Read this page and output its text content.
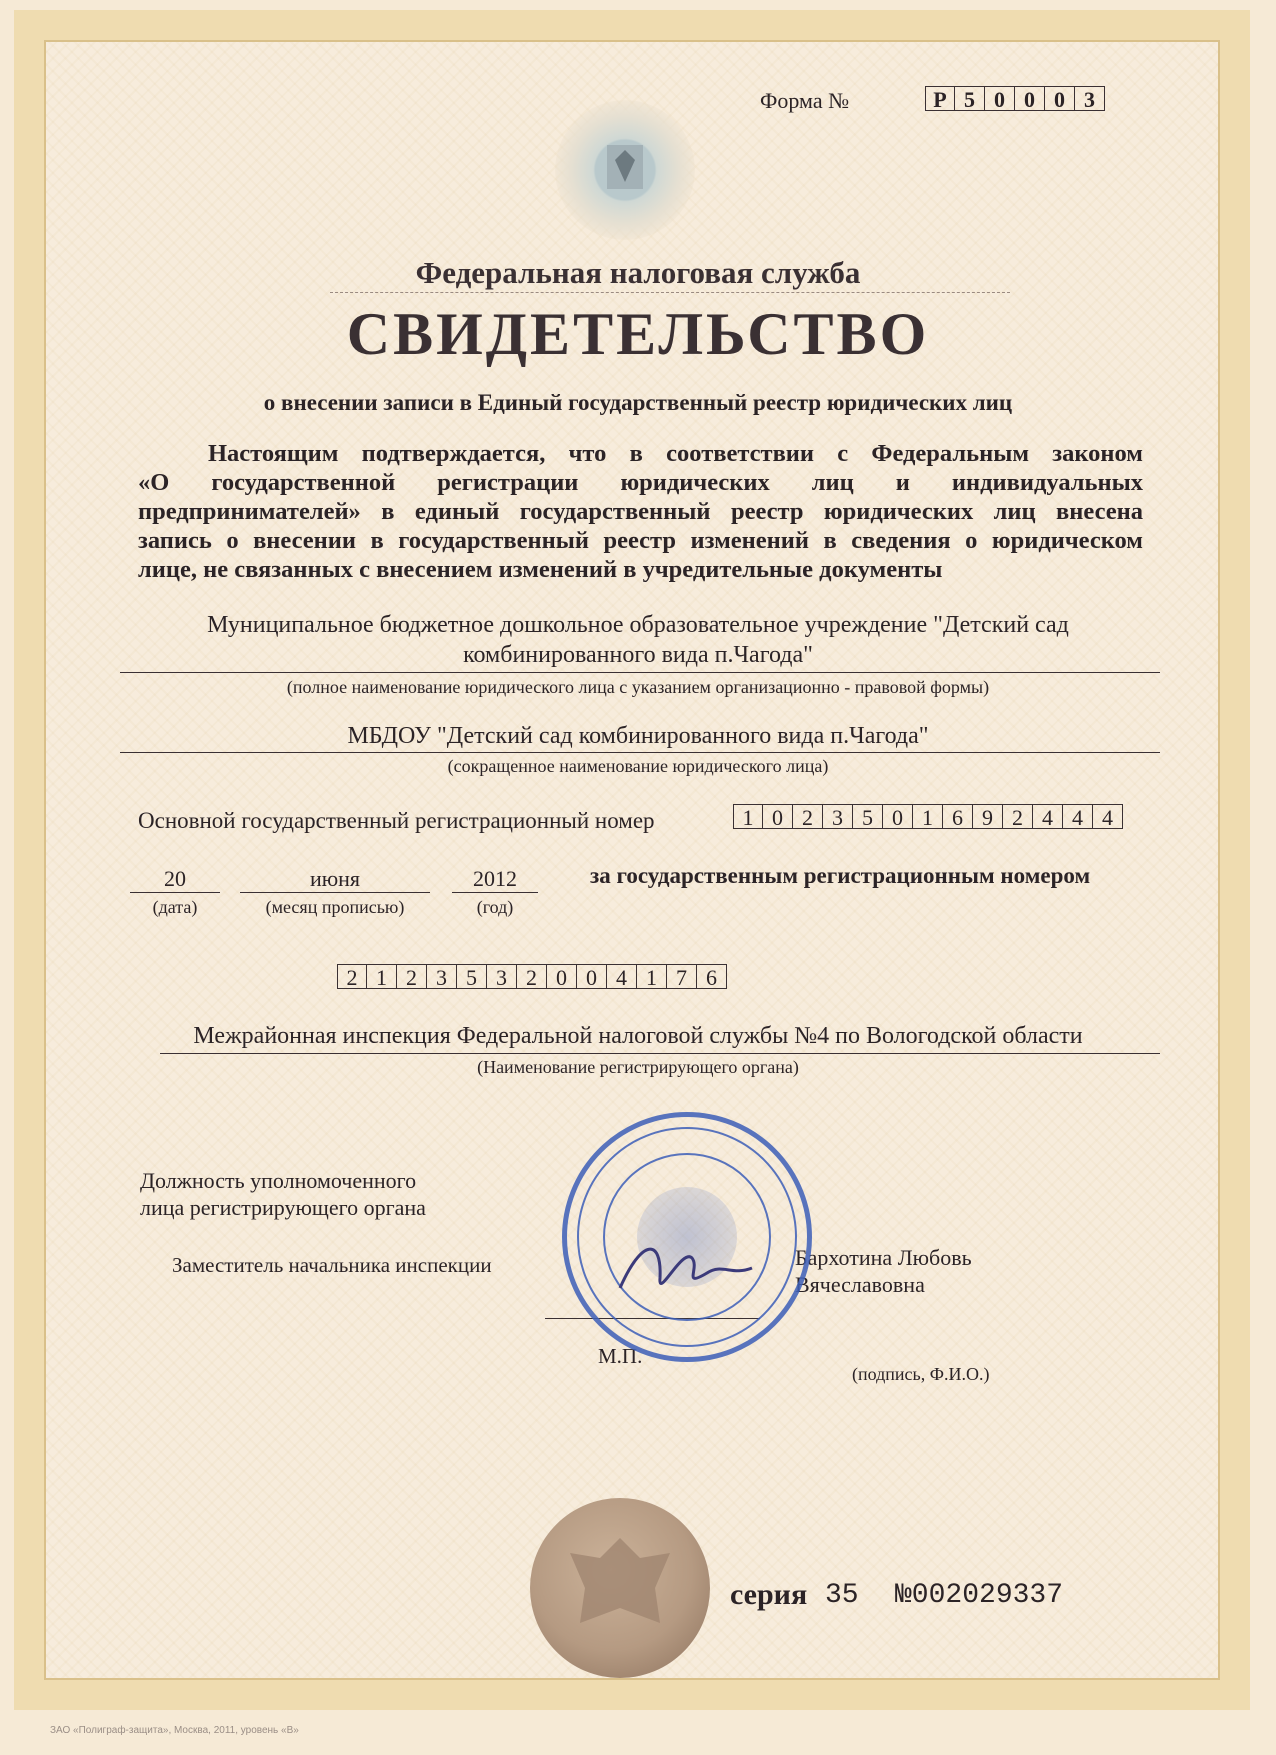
Форма №	Р 5 0 0 0 3
Федеральная налоговая служба
СВИДЕТЕЛЬСТВО
о внесении записи в Единый государственный реестр юридических лиц
Настоящим подтверждается, что в соответствии с Федеральным законом
«О государственной регистрации юридических лиц и индивидуальных
предпринимателей» в единый государственный реестр юридических лиц внесена
запись о внесении в государственный реестр изменений в сведения о юридическом
лице, не связанных с внесением изменений в учредительные документы
Муниципальное бюджетное дошкольное образовательное учреждение "Детский сад
комбинированного вида п.Чагода"
(полное наименование юридического лица с указанием организационно - правовой формы)
МБДОУ "Детский сад комбинированного вида п.Чагода"
(сокращенное наименование юридического лица)
Основной государственный регистрационный номер	1 0 2 3 5 0 1 6 9 2 4 4 4
20
(дата)
июня
(месяц прописью)
2012
(год)
за государственным регистрационным номером
2 1 2 3 5 3 2 0 0 4 1 7 6
Межрайонная инспекция Федеральной налоговой службы №4 по Вологодской области
(Наименование регистрирующего органа)
Должность уполномоченного
лица регистрирующего органа
Заместитель начальника инспекции	Бархотина Любовь
Вячеславовна
М.П.
(подпись, Ф.И.О.)
серия 35 №002029337
ЗАО «Полиграф-защита», Москва, 2011, уровень «В»
